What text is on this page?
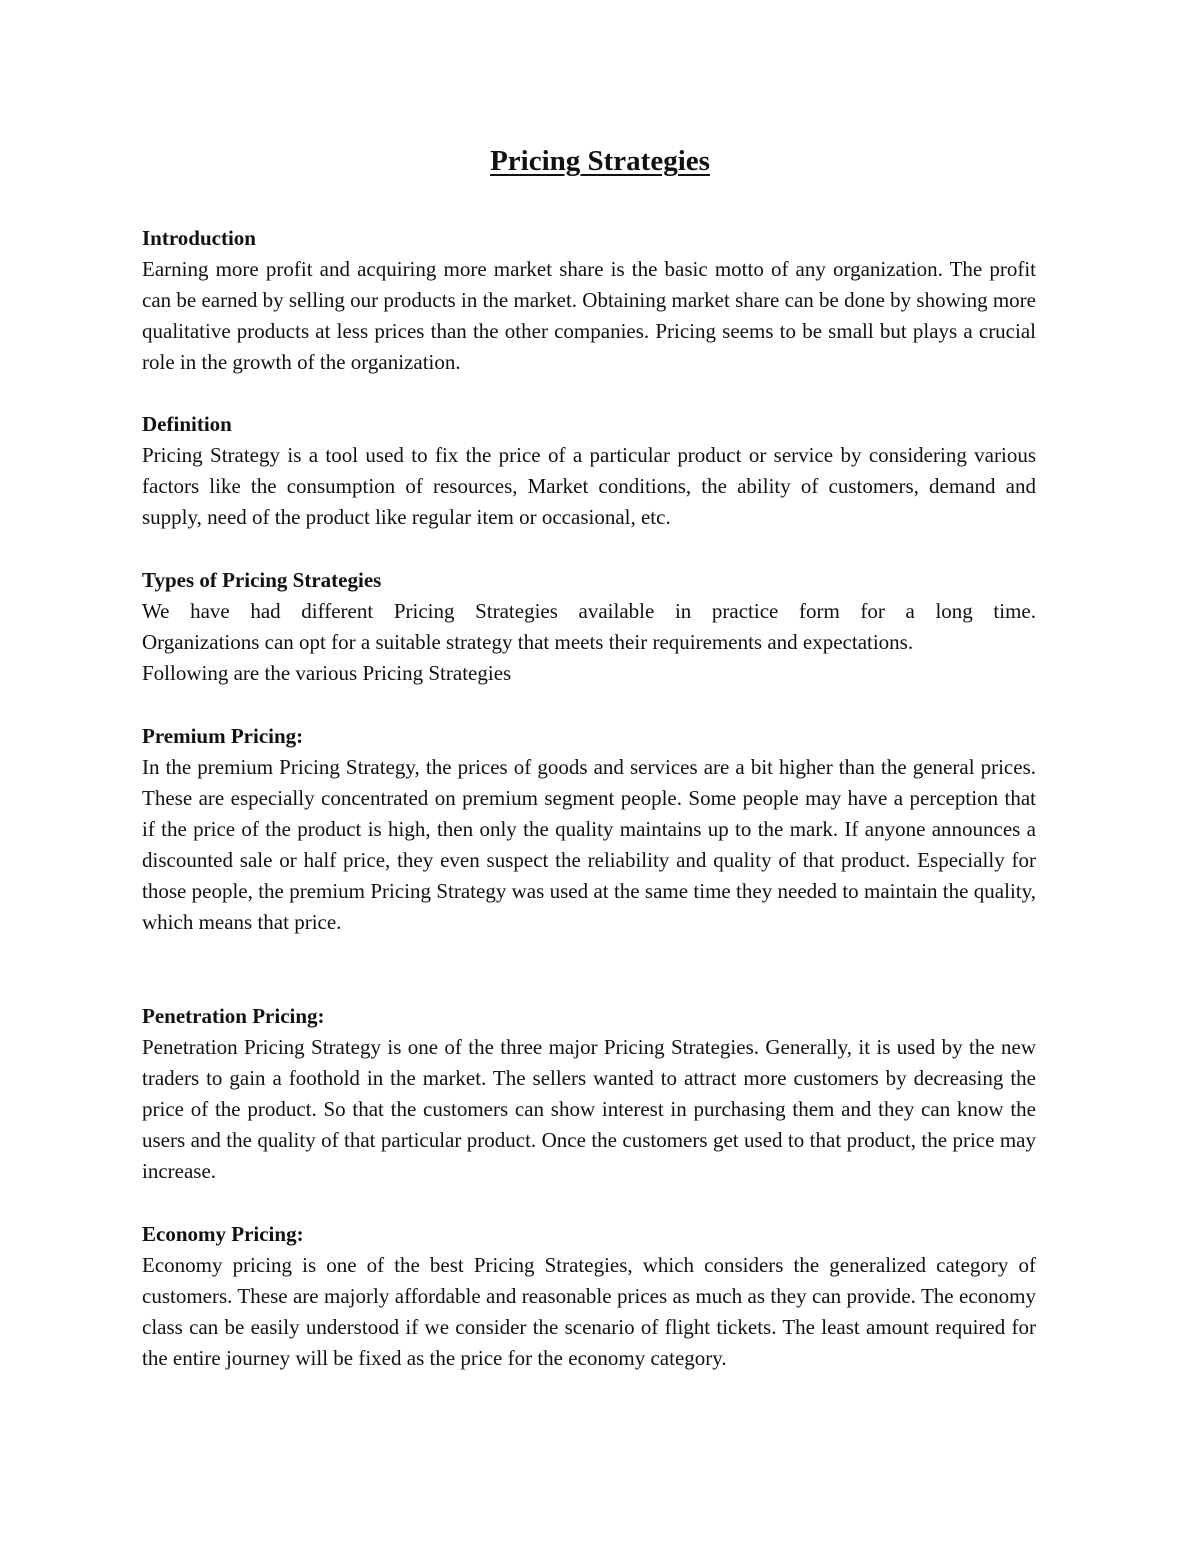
Pricing Strategies
Introduction

Earning more profit and acquiring more market share is the basic motto of any organization. The profit can be earned by selling our products in the market. Obtaining market share can be done by showing more qualitative products at less prices than the other companies. Pricing seems to be small but plays a crucial role in the growth of the organization.

Definition

Pricing Strategy is a tool used to fix the price of a particular product or service by considering various factors like the consumption of resources, Market conditions, the ability of customers, demand and supply, need of the product like regular item or occasional, etc.

Types of Pricing Strategies

We have had different Pricing Strategies available in practice form for a long time.

Organizations can opt for a suitable strategy that meets their requirements and expectations.
Following are the various Pricing Strategies
Premium Pricing:

In the premium Pricing Strategy, the prices of goods and services are a bit higher than the general prices. These are especially concentrated on premium segment people. Some people may have a perception that if the price of the product is high, then only the quality maintains up to the mark. If anyone announces a discounted sale or half price, they even suspect the reliability and quality of that product. Especially for those people, the premium Pricing Strategy was used at the same time they needed to maintain the quality, which means that price.

Penetration Pricing:

Penetration Pricing Strategy is one of the three major Pricing Strategies. Generally, it is used by the new traders to gain a foothold in the market. The sellers wanted to attract more customers by decreasing the price of the product. So that the customers can show interest in purchasing them and they can know the users and the quality of that particular product. Once the customers get used to that product, the price may increase.

Economy Pricing:

Economy pricing is one of the best Pricing Strategies, which considers the generalized category of customers. These are majorly affordable and reasonable prices as much as they can provide. The economy class can be easily understood if we consider the scenario of flight tickets. The least amount required for the entire journey will be fixed as the price for the economy category.
